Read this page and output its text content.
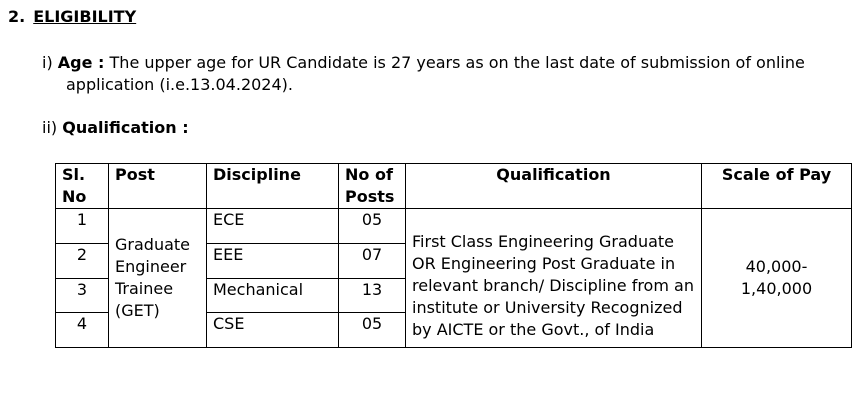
2. ELIGIBILITY
i) Age : The upper age for UR Candidate is 27 years as on the last date of submission of online
application (i.e.13.04.2024).
ii) Qualification :
Sl. No	Post	Discipline	No of Posts	Qualification	Scale of Pay
1	Graduate Engineer Trainee (GET)	ECE	05	First Class Engineering Graduate OR Engineering Post Graduate in relevant branch/ Discipline from an institute or University Recognized by AICTE or the Govt., of India	40,000- 1,40,000
2		EEE	07		
3		Mechanical	13		
4		CSE	05		
